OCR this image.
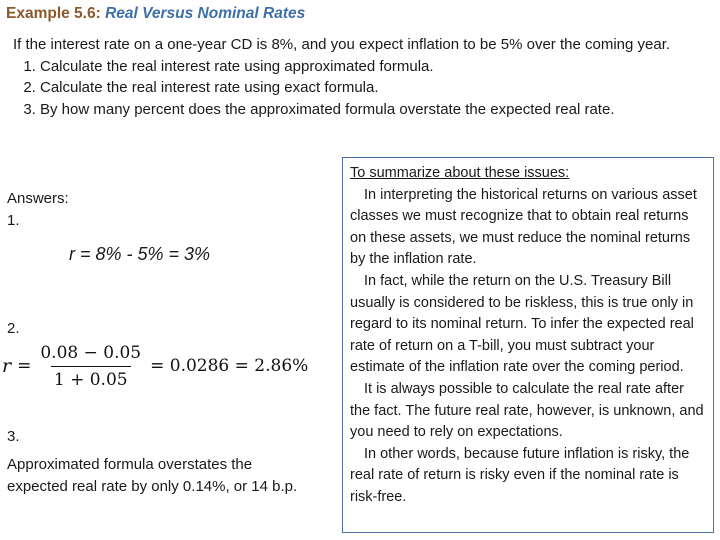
Example 5.6: Real Versus Nominal Rates

If the interest rate on a one-year CD is 8%, and you expect inflation to be 5% over the coming year.

1. Calculate the real interest rate using approximated formula.
2. Calculate the real interest rate using exact formula.
3. By how many percent does the approximated formula overstate the expected real rate.
Answers:
1.
r = 8% - 5% = 3%
2.
$r = \frac{0.08 - 0.05}{1 + 0.05} = 0.0286 = 2.86\%$
3.
Approximated formula overstates the expected real rate by only 0.14%, or 14 b.p.
To summarize about these issues:

In interpreting the historical returns on various asset classes we must recognize that to obtain real returns on these assets, we must reduce the nominal returns by the inflation rate.

In fact, while the return on the U.S. Treasury Bill usually is considered to be riskless, this is true only in regard to its nominal return. To infer the expected real rate of return on a T-bill, you must subtract your estimate of the inflation rate over the coming period.

It is always possible to calculate the real rate after the fact. The future real rate, however, is unknown, and you need to rely on expectations.

In other words, because future inflation is risky, the real rate of return is risky even if the nominal rate is risk-free.
